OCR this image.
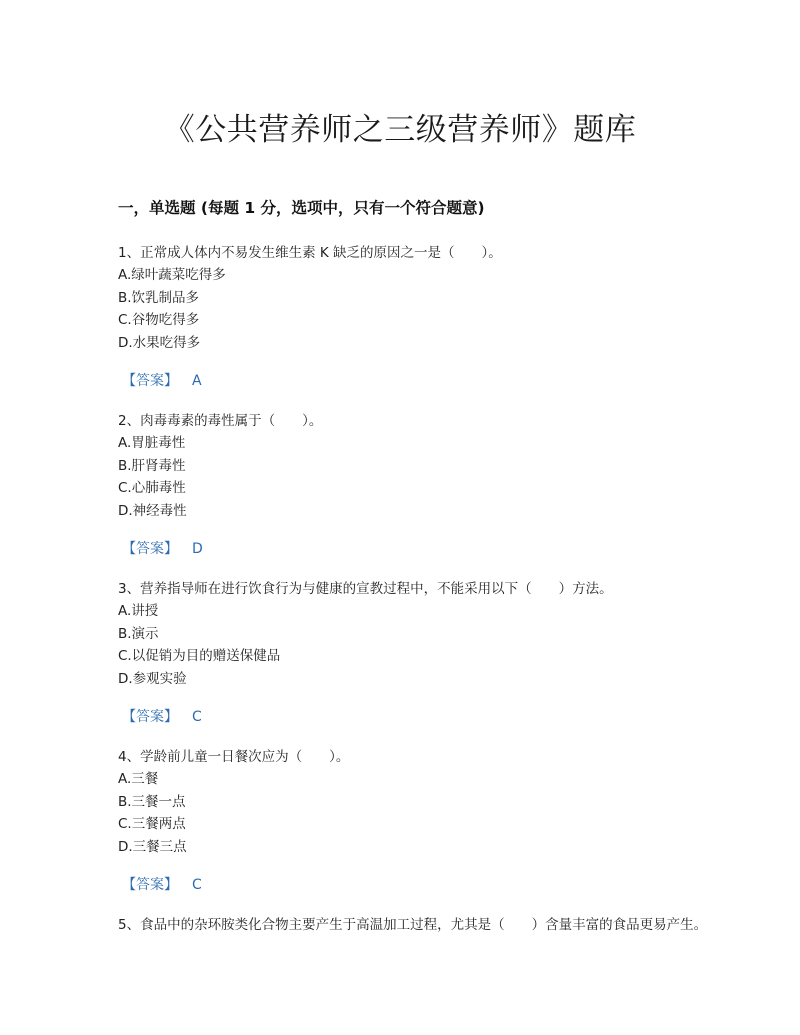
《公共营养师之三级营养师》题库
一，单选题 (每题 1 分，选项中，只有一个符合题意)
1、正常成人体内不易发生维生素 K 缺乏的原因之一是（　　）。
A.绿叶蔬菜吃得多
B.饮乳制品多
C.谷物吃得多
D.水果吃得多
【答案】 A
2、肉毒毒素的毒性属于（　　）。
A.胃脏毒性
B.肝肾毒性
C.心肺毒性
D.神经毒性
【答案】 D
3、营养指导师在进行饮食行为与健康的宣教过程中，不能采用以下（　　）方法。
A.讲授
B.演示
C.以促销为目的赠送保健品
D.参观实验
【答案】 C
4、学龄前儿童一日餐次应为（　　）。
A.三餐
B.三餐一点
C.三餐两点
D.三餐三点
【答案】 C
5、食品中的杂环胺类化合物主要产生于高温加工过程，尤其是（　　）含量丰富的食品更易产生。
